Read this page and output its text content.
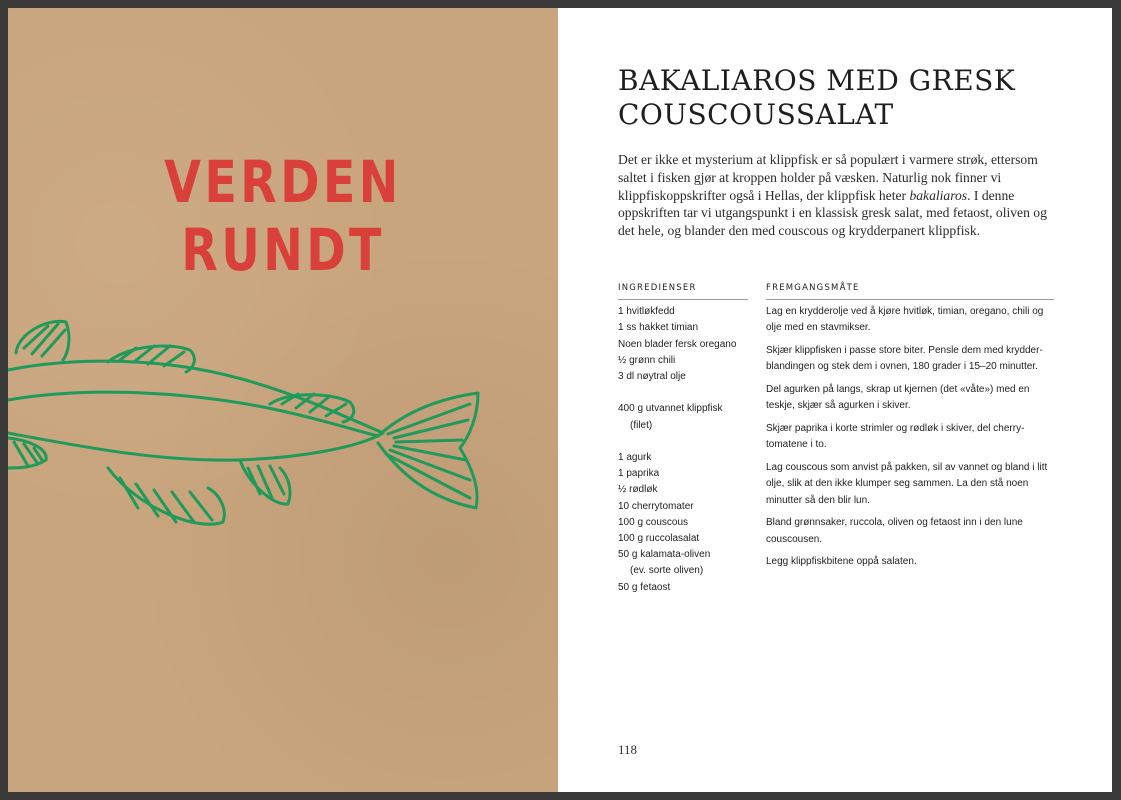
VERDEN
RUNDT
BAKALIAROS MED GRESK
COUSCOUSSALAT
Det er ikke et mysterium at klippfisk er så populært i varmere strøk, ettersom saltet i fisken gjør at kroppen holder på væsken. Naturlig nok finner vi klippfiskoppskrifter også i Hellas, der klippfisk heter bakaliaros. I denne oppskriften tar vi utgangspunkt i en klassisk gresk salat, med fetaost, oliven og det hele, og blander den med couscous og krydderpanert klippfisk.
INGREDIENSER
1 hvitløkfedd
1 ss hakket timian
Noen blader fersk oregano
½ grønn chili
3 dl nøytral olje
400 g utvannet klippfisk
(filet)
1 agurk
1 paprika
½ rødløk
10 cherrytomater
100 g couscous
100 g ruccolasalat
50 g kalamata-oliven
(ev. sorte oliven)
50 g fetaost
FREMGANGSMÅTE
Lag en krydderolje ved å kjøre hvitløk, timian, oregano, chili og olje med en stavmikser.
Skjær klippfisken i passe store biter. Pensle dem med krydder-blandingen og stek dem i ovnen, 180 grader i 15–20 minutter.
Del agurken på langs, skrap ut kjernen (det «våte») med en teskje, skjær så agurken i skiver.
Skjær paprika i korte strimler og rødløk i skiver, del cherry-tomatene i to.
Lag couscous som anvist på pakken, sil av vannet og bland i litt olje, slik at den ikke klumper seg sammen. La den stå noen minutter så den blir lun.
Bland grønnsaker, ruccola, oliven og fetaost inn i den lune couscousen.
Legg klippfiskbitene oppå salaten.
118
